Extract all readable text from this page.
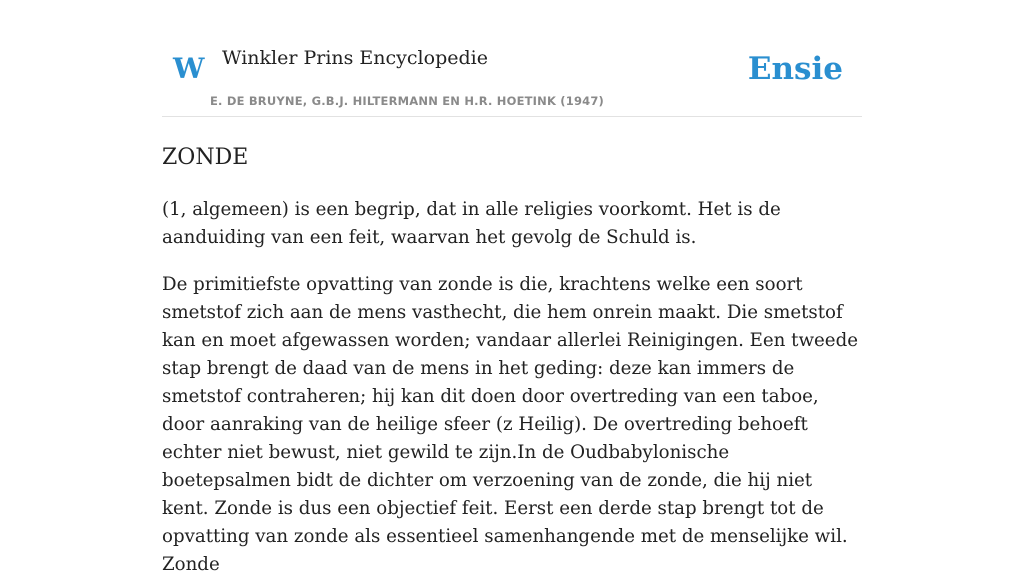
W Winkler Prins Encyclopedie
E. DE BRUYNE, G.B.J. HILTERMANN EN H.R. HOETINK (1947)
Ensie
ZONDE

(1, algemeen) is een begrip, dat in alle religies voorkomt. Het is de aanduiding van een feit, waarvan het gevolg de Schuld is.

De primitiefste opvatting van zonde is die, krachtens welke een soort smetstof zich aan de mens vasthecht, die hem onrein maakt. Die smetstof kan en moet afgewassen worden; vandaar allerlei Reinigingen. Een tweede stap brengt de daad van de mens in het geding: deze kan immers de smetstof contraheren; hij kan dit doen door overtreding van een taboe, door aanraking van de heilige sfeer (z Heilig). De overtreding behoeft echter niet bewust, niet gewild te zijn.In de Oudbabylonische boetepsalmen bidt de dichter om verzoening van de zonde, die hij niet kent. Zonde is dus een objectief feit. Eerst een derde stap brengt tot de opvatting van zonde als essentieel samenhangende met de menselijke wil. Zonde
